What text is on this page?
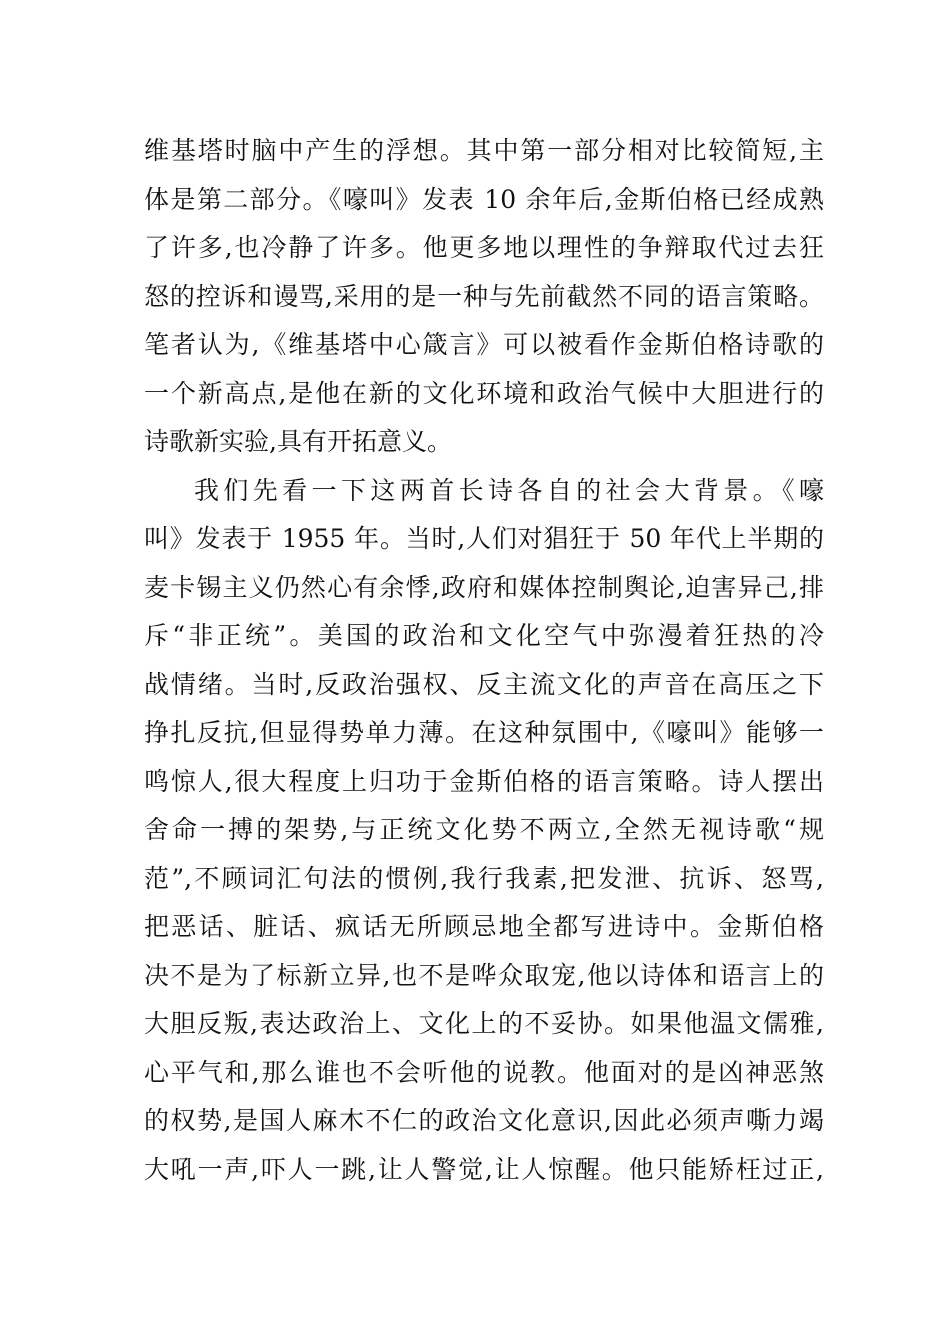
维基塔时脑中产生的浮想。其中第一部分相对比较简短,主
体是第二部分。《嚎叫》发表 10 余年后,金斯伯格已经成熟
了许多,也冷静了许多。他更多地以理性的争辩取代过去狂
怒的控诉和谩骂,采用的是一种与先前截然不同的语言策略。
笔者认为,《维基塔中心箴言》可以被看作金斯伯格诗歌的
一个新高点,是他在新的文化环境和政治气候中大胆进行的
诗歌新实验,具有开拓意义。
我们先看一下这两首长诗各自的社会大背景。《嚎
叫》发表于 1955 年。当时,人们对猖狂于 50 年代上半期的
麦卡锡主义仍然心有余悸,政府和媒体控制舆论,迫害异己,排
斥“非正统”。美国的政治和文化空气中弥漫着狂热的冷
战情绪。当时,反政治强权、反主流文化的声音在高压之下
挣扎反抗,但显得势单力薄。在这种氛围中,《嚎叫》能够一
鸣惊人,很大程度上归功于金斯伯格的语言策略。诗人摆出
舍命一搏的架势,与正统文化势不两立,全然无视诗歌“规
范”,不顾词汇句法的惯例,我行我素,把发泄、抗诉、怒骂,
把恶话、脏话、疯话无所顾忌地全都写进诗中。金斯伯格
决不是为了标新立异,也不是哗众取宠,他以诗体和语言上的
大胆反叛,表达政治上、文化上的不妥协。如果他温文儒雅,
心平气和,那么谁也不会听他的说教。他面对的是凶神恶煞
的权势,是国人麻木不仁的政治文化意识,因此必须声嘶力竭
大吼一声,吓人一跳,让人警觉,让人惊醒。他只能矫枉过正,
